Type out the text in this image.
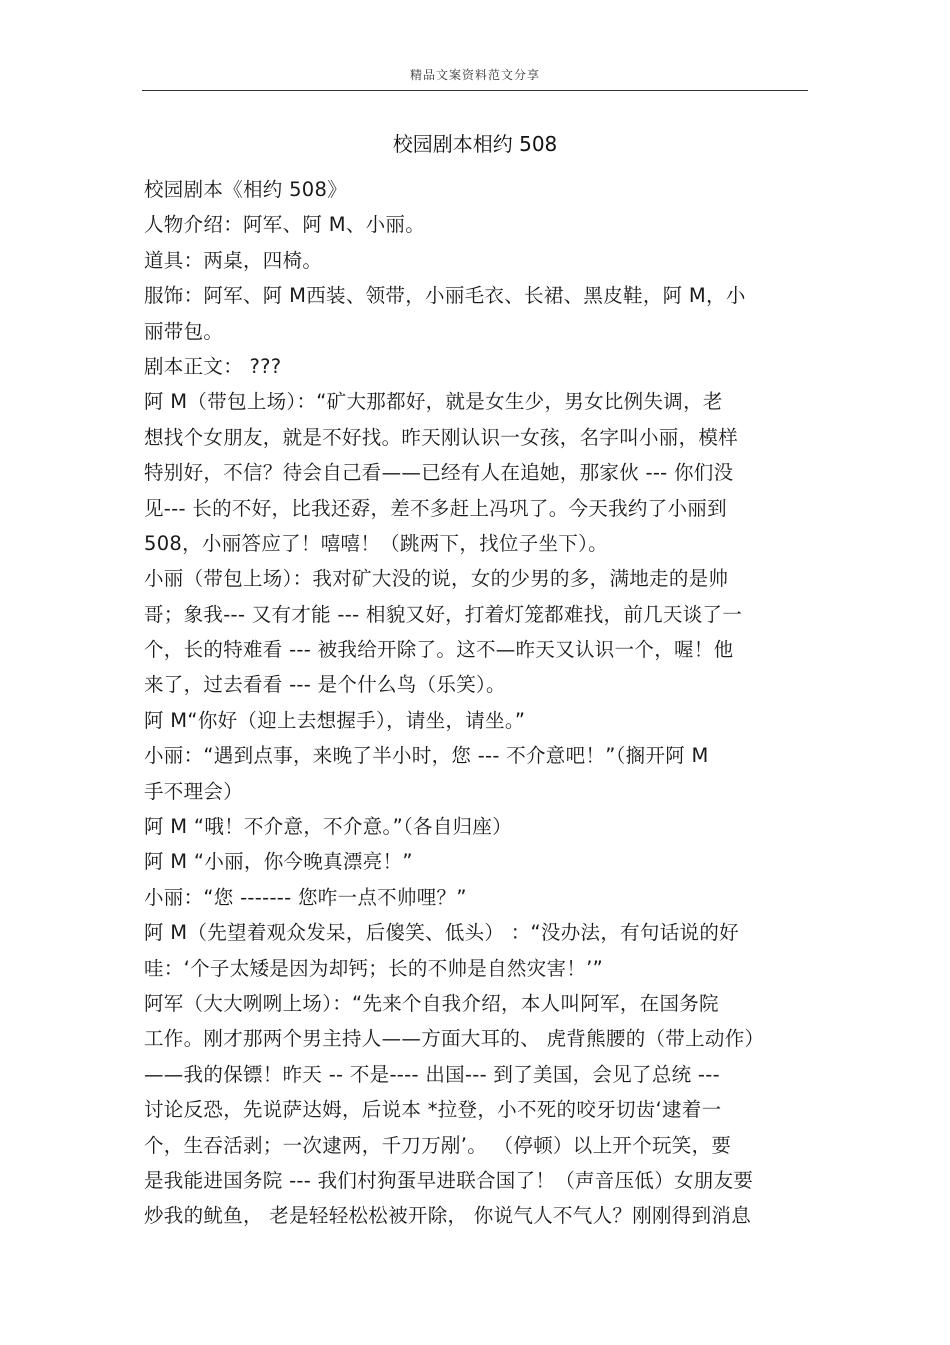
精品文案资料范文分享
校园剧本相约 508
校园剧本《相约 508》
人物介绍：阿军、阿 M、小丽。
道具：两桌，四椅。
服饰：阿军、阿 M西装、领带，小丽毛衣、长裙、黑皮鞋，阿 M，小
丽带包。
剧本正文： ???
阿 M（带包上场）：“矿大那都好，就是女生少，男女比例失调，老
想找个女朋友，就是不好找。昨天刚认识一女孩，名字叫小丽，模样
特别好，不信？待会自己看——已经有人在追她，那家伙 --- 你们没
见--- 长的不好，比我还孬，差不多赶上冯巩了。今天我约了小丽到
508，小丽答应了！嘻嘻！（跳两下，找位子坐下）。
小丽（带包上场）：我对矿大没的说，女的少男的多，满地走的是帅
哥；象我--- 又有才能 --- 相貌又好，打着灯笼都难找，前几天谈了一
个，长的特难看 --- 被我给开除了。这不—昨天又认识一个，喔！他
来了，过去看看 --- 是个什么鸟（乐笑）。
阿 M“你好（迎上去想握手），请坐，请坐。”
小丽：“遇到点事，来晚了半小时，您 --- 不介意吧！”（搁开阿 M
手不理会）
阿 M “哦！不介意，不介意。”（各自归座）
阿 M “小丽，你今晚真漂亮！”
小丽：“您 ------- 您咋一点不帅哩？”
阿 M（先望着观众发呆，后傻笑、低头） ：“没办法，有句话说的好
哇：‘个子太矮是因为却钙；长的不帅是自然灾害！’”
阿军（大大咧咧上场）：“先来个自我介绍，本人叫阿军，在国务院
工作。刚才那两个男主持人——方面大耳的、 虎背熊腰的（带上动作）
——我的保镖！昨天 -- 不是---- 出国--- 到了美国，会见了总统 ---
讨论反恐，先说萨达姆，后说本 *拉登，小不死的咬牙切齿‘逮着一
个，生吞活剥；一次逮两，千刀万剐’。 （停顿）以上开个玩笑，要
是我能进国务院 --- 我们村狗蛋早进联合国了！（声音压低）女朋友要
炒我的鱿鱼， 老是轻轻松松被开除， 你说气人不气人？刚刚得到消息
